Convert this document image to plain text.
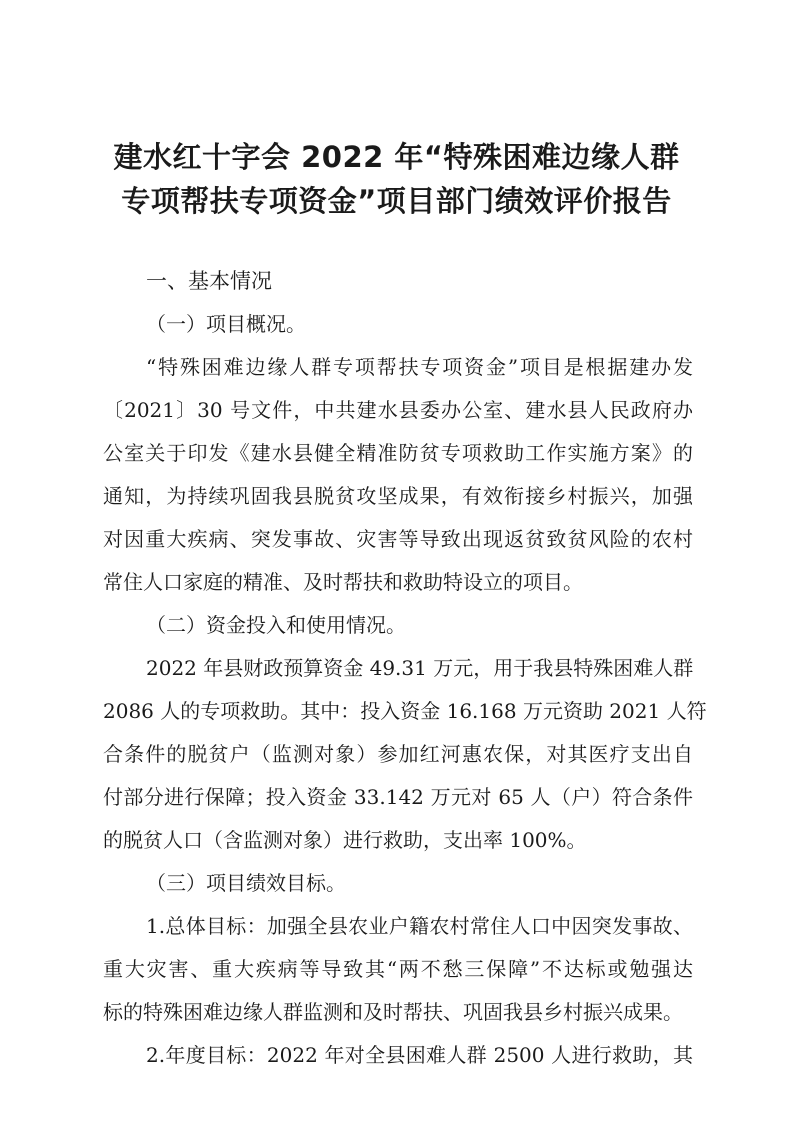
建水红十字会 2022 年“特殊困难边缘人群
专项帮扶专项资金”项目部门绩效评价报告
一、基本情况
（一）项目概况。
“特殊困难边缘人群专项帮扶专项资金”项目是根据建办发
〔2021〕30 号文件，中共建水县委办公室、建水县人民政府办
公室关于印发《建水县健全精准防贫专项救助工作实施方案》的
通知，为持续巩固我县脱贫攻坚成果，有效衔接乡村振兴，加强
对因重大疾病、突发事故、灾害等导致出现返贫致贫风险的农村
常住人口家庭的精准、及时帮扶和救助特设立的项目。
（二）资金投入和使用情况。
2022 年县财政预算资金 49.31 万元，用于我县特殊困难人群
2086 人的专项救助。其中：投入资金 16.168 万元资助 2021 人符
合条件的脱贫户（监测对象）参加红河惠农保，对其医疗支出自
付部分进行保障；投入资金 33.142 万元对 65 人（户）符合条件
的脱贫人口（含监测对象）进行救助，支出率 100%。
（三）项目绩效目标。
1.总体目标：加强全县农业户籍农村常住人口中因突发事故、
重大灾害、重大疾病等导致其“两不愁三保障”不达标或勉强达
标的特殊困难边缘人群监测和及时帮扶、巩固我县乡村振兴成果。
2.年度目标：2022 年对全县困难人群 2500 人进行救助，其
